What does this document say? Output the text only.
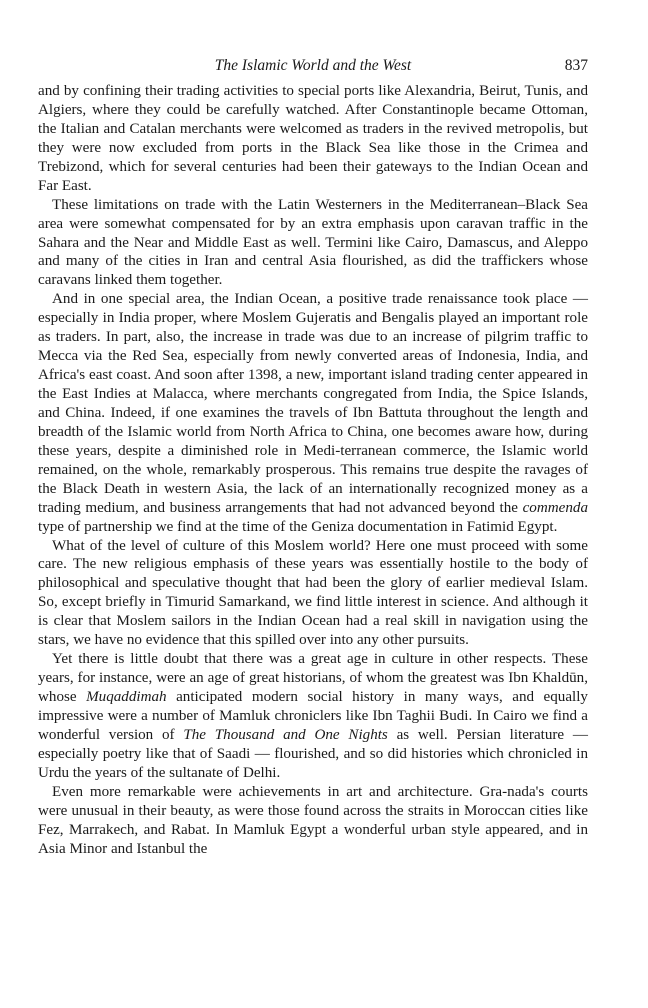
The Islamic World and the West	837

and by confining their trading activities to special ports like Alexandria, Beirut, Tunis, and Algiers, where they could be carefully watched. After Constantinople became Ottoman, the Italian and Catalan merchants were welcomed as traders in the revived metropolis, but they were now excluded from ports in the Black Sea like those in the Crimea and Trebizond, which for several centuries had been their gateways to the Indian Ocean and Far East.

These limitations on trade with the Latin Westerners in the Mediterranean–Black Sea area were somewhat compensated for by an extra emphasis upon caravan traffic in the Sahara and the Near and Middle East as well. Termini like Cairo, Damascus, and Aleppo and many of the cities in Iran and central Asia flourished, as did the traffickers whose caravans linked them together.

And in one special area, the Indian Ocean, a positive trade renaissance took place — especially in India proper, where Moslem Gujeratis and Bengalis played an important role as traders. In part, also, the increase in trade was due to an increase of pilgrim traffic to Mecca via the Red Sea, especially from newly converted areas of Indonesia, India, and Africa's east coast. And soon after 1398, a new, important island trading center appeared in the East Indies at Malacca, where merchants congregated from India, the Spice Islands, and China. Indeed, if one examines the travels of Ibn Battuta throughout the length and breadth of the Islamic world from North Africa to China, one becomes aware how, during these years, despite a diminished role in Medi-terranean commerce, the Islamic world remained, on the whole, remarkably prosperous. This remains true despite the ravages of the Black Death in western Asia, the lack of an internationally recognized money as a trading medium, and business arrangements that had not advanced beyond the commenda type of partnership we find at the time of the Geniza documentation in Fatimid Egypt.

What of the level of culture of this Moslem world? Here one must proceed with some care. The new religious emphasis of these years was essentially hostile to the body of philosophical and speculative thought that had been the glory of earlier medieval Islam. So, except briefly in Timurid Samarkand, we find little interest in science. And although it is clear that Moslem sailors in the Indian Ocean had a real skill in navigation using the stars, we have no evidence that this spilled over into any other pursuits.

Yet there is little doubt that there was a great age in culture in other respects. These years, for instance, were an age of great historians, of whom the greatest was Ibn Khaldūn, whose Muqaddimah anticipated modern social history in many ways, and equally impressive were a number of Mamluk chroniclers like Ibn Taghii Budi. In Cairo we find a wonderful version of The Thousand and One Nights as well. Persian literature — especially poetry like that of Saadi — flourished, and so did histories which chronicled in Urdu the years of the sultanate of Delhi.

Even more remarkable were achievements in art and architecture. Gra-nada's courts were unusual in their beauty, as were those found across the straits in Moroccan cities like Fez, Marrakech, and Rabat. In Mamluk Egypt a wonderful urban style appeared, and in Asia Minor and Istanbul the
